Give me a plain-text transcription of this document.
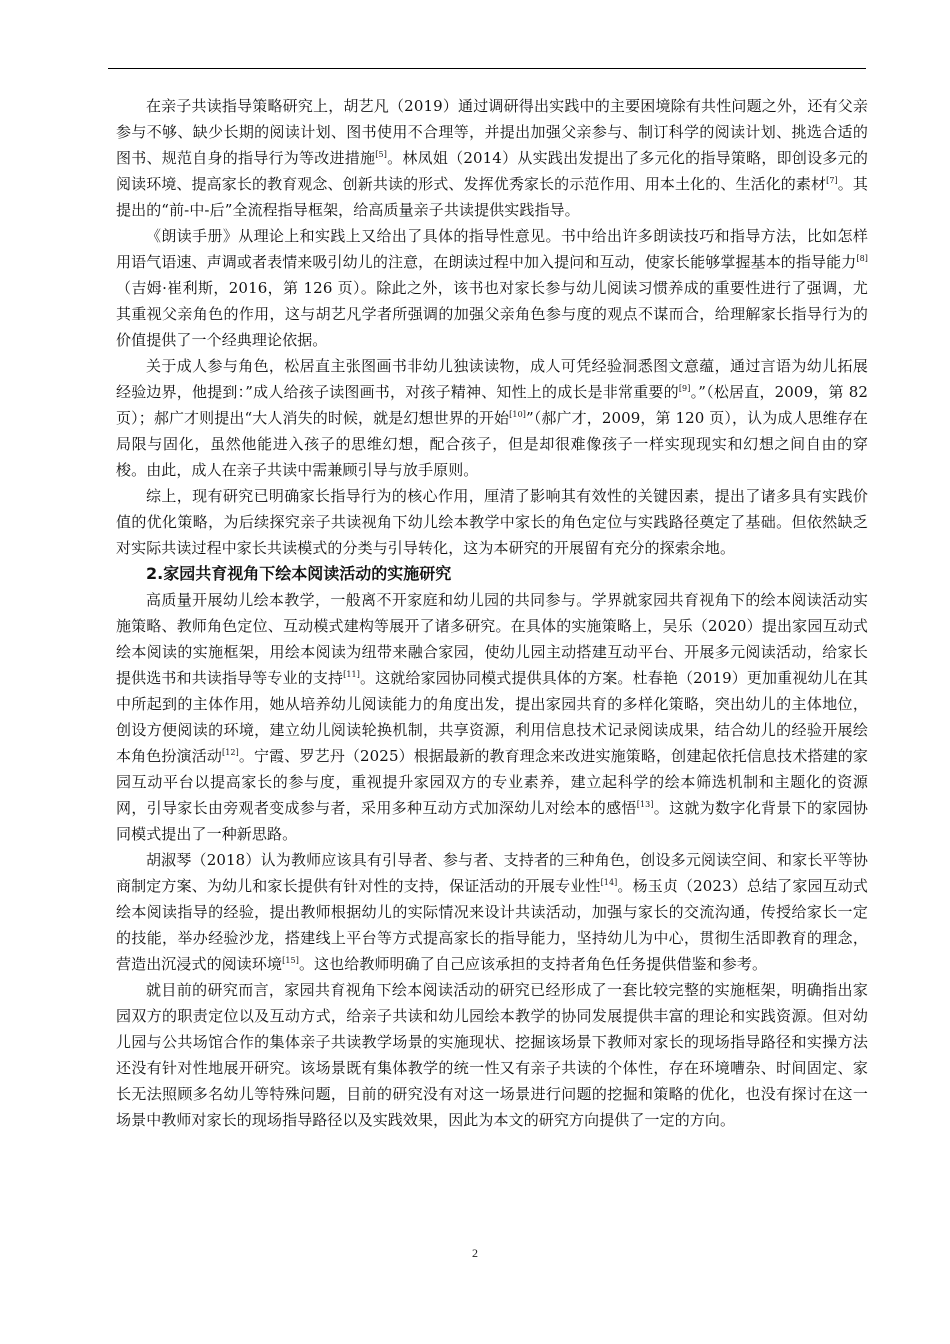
在亲子共读指导策略研究上，胡艺凡（2019）通过调研得出实践中的主要困境除有共性问题之外，还有父亲参与不够、缺少长期的阅读计划、图书使用不合理等，并提出加强父亲参与、制订科学的阅读计划、挑选合适的图书、规范自身的指导行为等改进措施[5]。林凤姐（2014）从实践出发提出了多元化的指导策略，即创设多元的阅读环境、提高家长的教育观念、创新共读的形式、发挥优秀家长的示范作用、用本土化的、生活化的素材[7]。其提出的“前-中-后”全流程指导框架，给高质量亲子共读提供实践指导。

《朗读手册》从理论上和实践上又给出了具体的指导性意见。书中给出许多朗读技巧和指导方法，比如怎样用语气语速、声调或者表情来吸引幼儿的注意，在朗读过程中加入提问和互动，使家长能够掌握基本的指导能力[8]（吉姆·崔利斯，2016，第 126 页）。除此之外，该书也对家长参与幼儿阅读习惯养成的重要性进行了强调，尤其重视父亲角色的作用，这与胡艺凡学者所强调的加强父亲角色参与度的观点不谋而合，给理解家长指导行为的价值提供了一个经典理论依据。

关于成人参与角色，松居直主张图画书非幼儿独读读物，成人可凭经验洞悉图文意蕴，通过言语为幼儿拓展经验边界，他提到：”成人给孩子读图画书，对孩子精神、知性上的成长是非常重要的[9]。”（松居直，2009，第 82 页）；郝广才则提出“大人消失的时候，就是幻想世界的开始[10]”（郝广才，2009，第 120 页），认为成人思维存在局限与固化，虽然他能进入孩子的思维幻想，配合孩子，但是却很难像孩子一样实现现实和幻想之间自由的穿梭。由此，成人在亲子共读中需兼顾引导与放手原则。

综上，现有研究已明确家长指导行为的核心作用，厘清了影响其有效性的关键因素，提出了诸多具有实践价值的优化策略，为后续探究亲子共读视角下幼儿绘本教学中家长的角色定位与实践路径奠定了基础。但依然缺乏对实际共读过程中家长共读模式的分类与引导转化，这为本研究的开展留有充分的探索余地。

2.家园共育视角下绘本阅读活动的实施研究

高质量开展幼儿绘本教学，一般离不开家庭和幼儿园的共同参与。学界就家园共育视角下的绘本阅读活动实施策略、教师角色定位、互动模式建构等展开了诸多研究。在具体的实施策略上，吴乐（2020）提出家园互动式绘本阅读的实施框架，用绘本阅读为纽带来融合家园，使幼儿园主动搭建互动平台、开展多元阅读活动，给家长提供选书和共读指导等专业的支持[11]。这就给家园协同模式提供具体的方案。杜春艳（2019）更加重视幼儿在其中所起到的主体作用，她从培养幼儿阅读能力的角度出发，提出家园共育的多样化策略，突出幼儿的主体地位，创设方便阅读的环境，建立幼儿阅读轮换机制，共享资源，利用信息技术记录阅读成果，结合幼儿的经验开展绘本角色扮演活动[12]。宁霞、罗艺丹（2025）根据最新的教育理念来改进实施策略，创建起依托信息技术搭建的家园互动平台以提高家长的参与度，重视提升家园双方的专业素养，建立起科学的绘本筛选机制和主题化的资源网，引导家长由旁观者变成参与者，采用多种互动方式加深幼儿对绘本的感悟[13]。这就为数字化背景下的家园协同模式提出了一种新思路。

胡淑琴（2018）认为教师应该具有引导者、参与者、支持者的三种角色，创设多元阅读空间、和家长平等协商制定方案、为幼儿和家长提供有针对性的支持，保证活动的开展专业性[14]。杨玉贞（2023）总结了家园互动式绘本阅读指导的经验，提出教师根据幼儿的实际情况来设计共读活动，加强与家长的交流沟通，传授给家长一定的技能，举办经验沙龙，搭建线上平台等方式提高家长的指导能力，坚持幼儿为中心，贯彻生活即教育的理念，营造出沉浸式的阅读环境[15]。这也给教师明确了自己应该承担的支持者角色任务提供借鉴和参考。

就目前的研究而言，家园共育视角下绘本阅读活动的研究已经形成了一套比较完整的实施框架，明确指出家园双方的职责定位以及互动方式，给亲子共读和幼儿园绘本教学的协同发展提供丰富的理论和实践资源。但对幼儿园与公共场馆合作的集体亲子共读教学场景的实施现状、挖掘该场景下教师对家长的现场指导路径和实操方法还没有针对性地展开研究。该场景既有集体教学的统一性又有亲子共读的个体性，存在环境嘈杂、时间固定、家长无法照顾多名幼儿等特殊问题，目前的研究没有对这一场景进行问题的挖掘和策略的优化，也没有探讨在这一场景中教师对家长的现场指导路径以及实践效果，因此为本文的研究方向提供了一定的方向。

2
